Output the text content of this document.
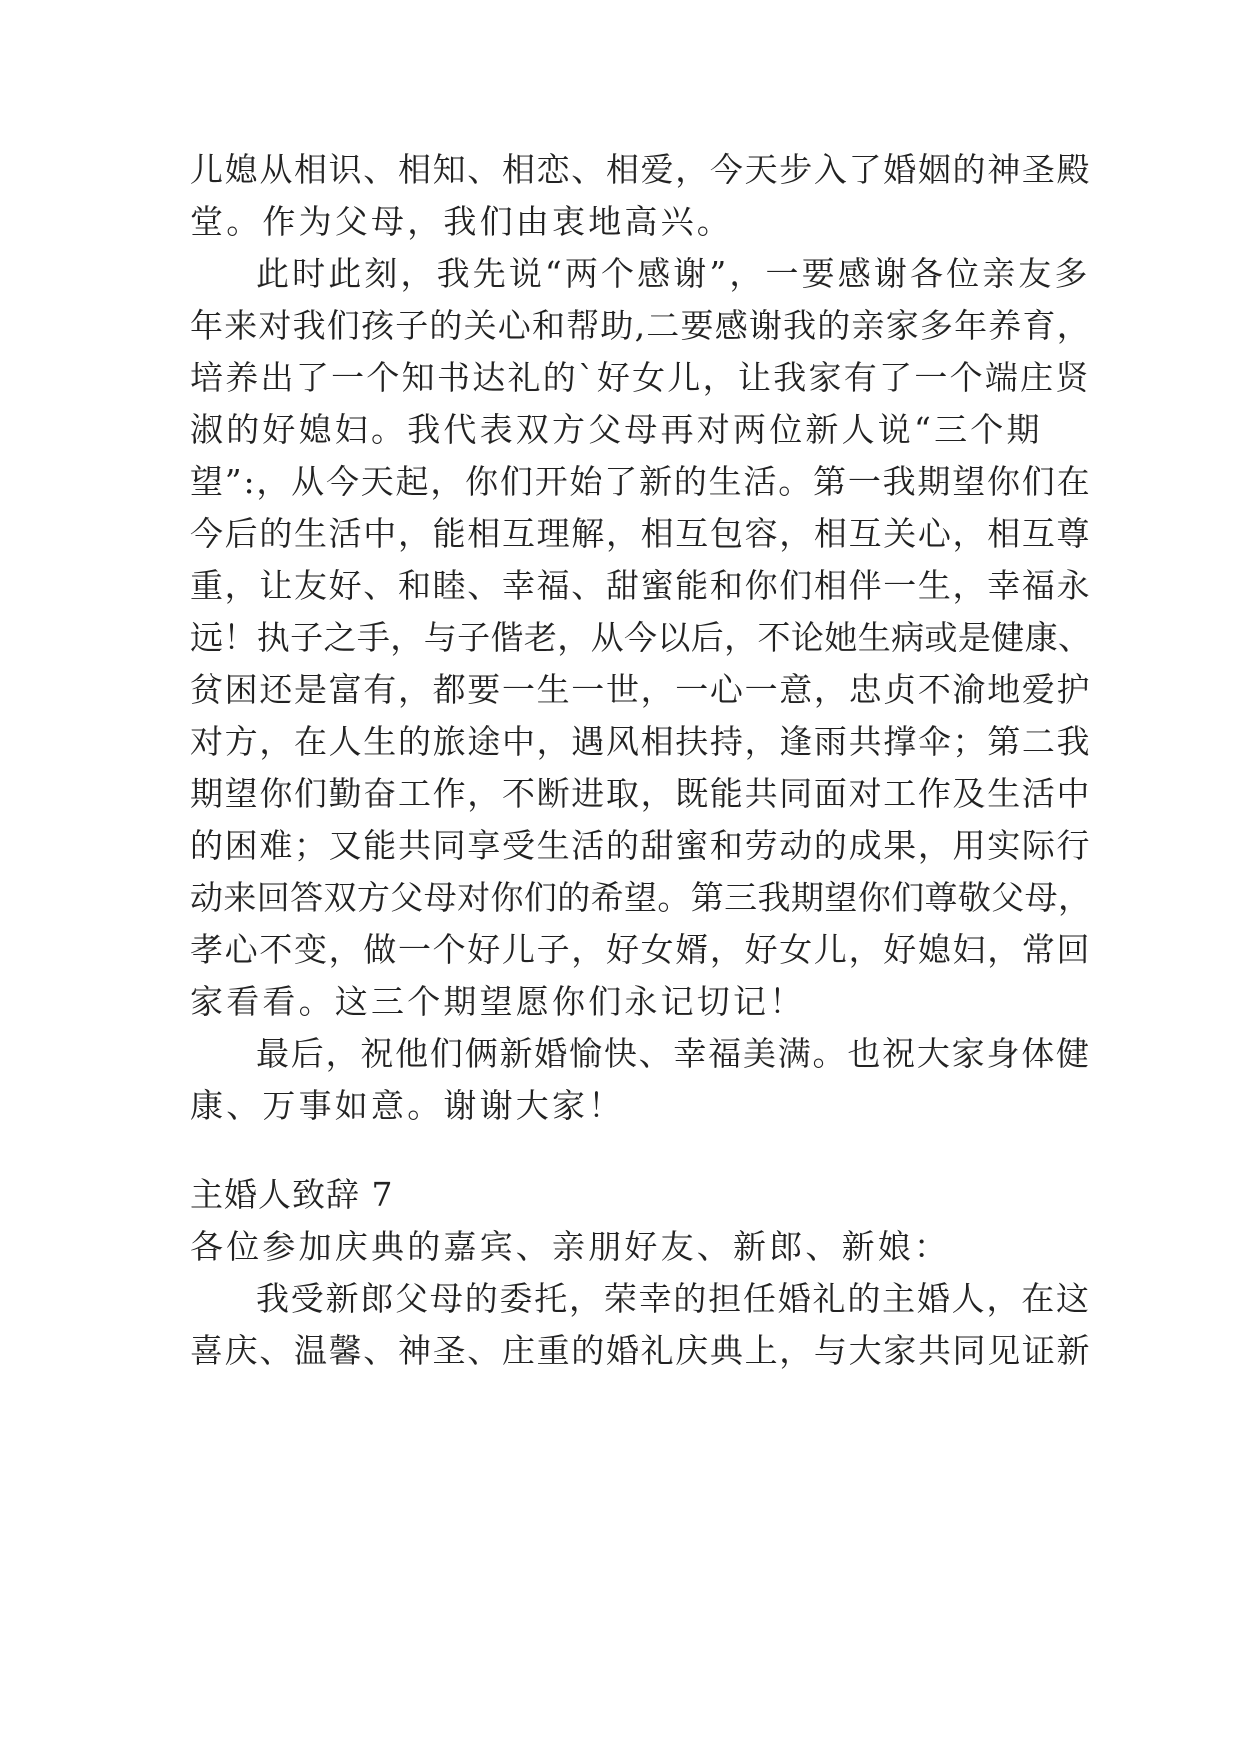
儿媳从相识、相知、相恋、相爱，今天步入了婚姻的神圣殿
堂。作为父母，我们由衷地高兴。
此时此刻，我先说“两个感谢”，一要感谢各位亲友多
年来对我们孩子的关心和帮助,二要感谢我的亲家多年养育，
培养出了一个知书达礼的`好女儿，让我家有了一个端庄贤
淑的好媳妇。我代表双方父母再对两位新人说“三个期
望”:，从今天起，你们开始了新的生活。第一我期望你们在
今后的生活中，能相互理解，相互包容，相互关心，相互尊
重，让友好、和睦、幸福、甜蜜能和你们相伴一生，幸福永
远！执子之手，与子偕老，从今以后，不论她生病或是健康、
贫困还是富有，都要一生一世，一心一意，忠贞不渝地爱护
对方，在人生的旅途中，遇风相扶持，逢雨共撑伞；第二我
期望你们勤奋工作，不断进取，既能共同面对工作及生活中
的困难；又能共同享受生活的甜蜜和劳动的成果，用实际行
动来回答双方父母对你们的希望。第三我期望你们尊敬父母，
孝心不变，做一个好儿子，好女婿，好女儿，好媳妇，常回
家看看。这三个期望愿你们永记切记！
最后，祝他们俩新婚愉快、幸福美满。也祝大家身体健
康、万事如意。谢谢大家！
主婚人致辞 7
各位参加庆典的嘉宾、亲朋好友、新郎、新娘：
我受新郎父母的委托，荣幸的担任婚礼的主婚人，在这
喜庆、温馨、神圣、庄重的婚礼庆典上，与大家共同见证新
